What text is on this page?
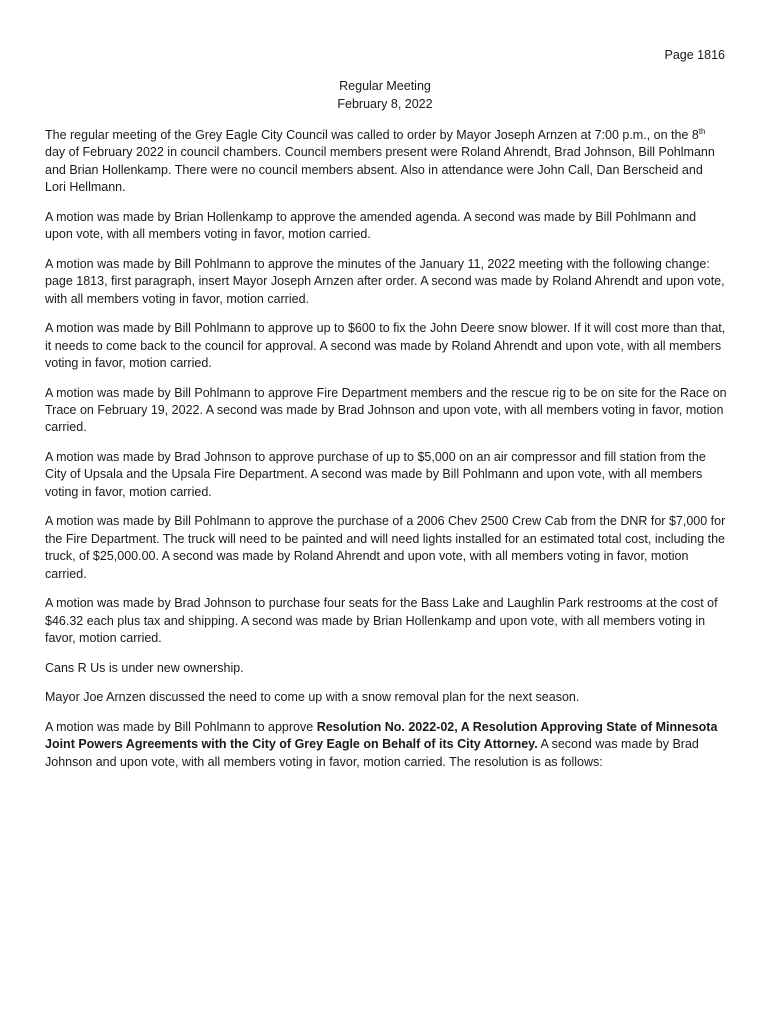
Page 1816
Regular Meeting
February 8, 2022

The regular meeting of the Grey Eagle City Council was called to order by Mayor Joseph Arnzen at 7:00 p.m., on the 8th day of February 2022 in council chambers. Council members present were Roland Ahrendt, Brad Johnson, Bill Pohlmann and Brian Hollenkamp. There were no council members absent. Also in attendance were John Call, Dan Berscheid and Lori Hellmann.

A motion was made by Brian Hollenkamp to approve the amended agenda. A second was made by Bill Pohlmann and upon vote, with all members voting in favor, motion carried.

A motion was made by Bill Pohlmann to approve the minutes of the January 11, 2022 meeting with the following change: page 1813, first paragraph, insert Mayor Joseph Arnzen after order. A second was made by Roland Ahrendt and upon vote, with all members voting in favor, motion carried.

A motion was made by Bill Pohlmann to approve up to $600 to fix the John Deere snow blower. If it will cost more than that, it needs to come back to the council for approval. A second was made by Roland Ahrendt and upon vote, with all members voting in favor, motion carried.

A motion was made by Bill Pohlmann to approve Fire Department members and the rescue rig to be on site for the Race on Trace on February 19, 2022. A second was made by Brad Johnson and upon vote, with all members voting in favor, motion carried.

A motion was made by Brad Johnson to approve purchase of up to $5,000 on an air compressor and fill station from the City of Upsala and the Upsala Fire Department. A second was made by Bill Pohlmann and upon vote, with all members voting in favor, motion carried.

A motion was made by Bill Pohlmann to approve the purchase of a 2006 Chev 2500 Crew Cab from the DNR for $7,000 for the Fire Department. The truck will need to be painted and will need lights installed for an estimated total cost, including the truck, of $25,000.00. A second was made by Roland Ahrendt and upon vote, with all members voting in favor, motion carried.

A motion was made by Brad Johnson to purchase four seats for the Bass Lake and Laughlin Park restrooms at the cost of $46.32 each plus tax and shipping. A second was made by Brian Hollenkamp and upon vote, with all members voting in favor, motion carried.

Cans R Us is under new ownership.

Mayor Joe Arnzen discussed the need to come up with a snow removal plan for the next season.

A motion was made by Bill Pohlmann to approve Resolution No. 2022-02, A Resolution Approving State of Minnesota Joint Powers Agreements with the City of Grey Eagle on Behalf of its City Attorney. A second was made by Brad Johnson and upon vote, with all members voting in favor, motion carried. The resolution is as follows:
